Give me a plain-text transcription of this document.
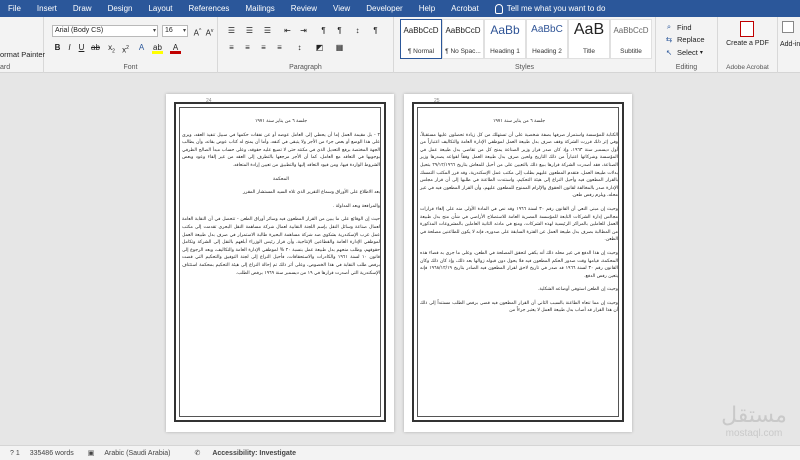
File	Insert	Draw	Design	Layout	References	Mailings	Review	View	Developer	Help	Acrobat	Tell me what you want to do
ormat Painter
ard
Arial (Body CS)	▾	16 ▾ A^ $A^v$
B I	U ab $x_2$ $x^2$	A	ab	A
Font
☰ ☰ ☰ ⇤ ⇥	¶	¶	↕	¶
≡	≡	≡	≡	↕	◩ ▦
Paragraph	Styles
AaBbCcD
¶ Normal
AaBbCcD
¶ No Spac...
AaBb
Heading 1
AaBbC
Heading 2
AaB
Title
AaBbCcD
Subtitle
Editing
⌕ Find
⇆ Replace
↖ Select ▾
Create a PDF
Adobe Acrobat
Add-in
24

جلسة ٦ من يناير سنة ١٩٧١

٢ - بل مقيمة العمل إما أن يحطي إلى العامل عوضه أو عن نفقات حكمها في سبيل تنفيذ العقد، ويرى على هذا الوضع أو بعض جزء من الأجر ولا يتبقى في كنفه، وأما أن يمنح له كتاب عوض بقاته، وأن يطالب الجهة المختصة برفع التعديل الذي في مكنته حتى لا تضيع عليه حقوقه، وعلى حساب مبدأ الصالح الطرفي بوجوبها في التعاقد مع العامل، كما أن الأجر مرجعها بالتطرف إلى العقد من غير إلقاء وعود وبعض الشروط الواردة فيها، ومن قيود التعاقد إليها والتطبيق من تعيين إرادة المتعاقد.

المحكمة

بعد الاطلاع على الأوراق وسماع التقرير الذي تلاه السيد المستشار المقرر

والمرافعة وبعد المداولة .

حيث إن الوقائع على ما يبين من القرار المطعون فيه وسائر أوراق الطعن - تتحصل في أن النقابة العامة لعمال صناعة وسائل النقل بإسم اللجنة النقابية لعمال شركة مساهمة النقل البحري تقدمت إلى مكتب عمل غرب الإسكندرية بشكوى ضد شركة مساهمة البحيرة طالبة الاستمرار في صرف بدل طبيعة العمل لموظفي الإدارة العامة والقطاعين الإنتاجية، وأن قرار رئيس الوزراء أبلغهم بالنقل إلى الشركة وتكامل حقوقهم، وطلب منحهم بدل طبيعة عمل بنسبة ٢٠ % لموظفي الإدارة العامة والتكاليف، وبعد الرجوع إلى قانون ١٠ لسنة ١٩٦١ والكادرات والاستحقاقات، فأحيل النزاع إلى لجنة التوفيق والتحكيم التي قضت برفض طلب النقابة في هذا الخصوص، وعلى أثر ذلك تم إحالة النزاع إلى هيئة التحكيم بمحكمة استئناف الإسكندرية التي أصدرت قرارها في ١٩ من ديسمبر سنة ١٩٦٩ برفض الطلب.

25

جلسة ٦ من يناير سنة ١٩٧١

الكتابة للمؤسسة واستمرار صرفها بصفة شخصية على أن تستهلك من كل زيادة تحصلون عليها مستقبلاً، وفي إثر ذلك قررت الشركة وقف صرف بدل طبيعة العمل لموظفي الإدارة العامة والتكاليف اعتباراً من أول ديسمبر سنة ١٩٦٣، وإذ كان صدر قرار وزير الصناعة يمنح كل من تقاضى بدل طبيعة عمل في المؤسسة وشركاتها اعتباراً من ذلك التاريخ ولحين صرف بدل طبيعة العمل وفقاً لقواعد يصدرها وزير الصناعة، فقد أصدرت الشركة قرارها ببيع ذلك بالتعيين على من أحيل للمعاش بتاريخ ٢٩/١٢/١٩٦٦ بتحيل بدلات طبيعة العمل، فتقدم المطعون عليهم بطلب إلى مكتب عمل الإسكندرية، وقد قرر المكتب التمسك بالقرار المطعون فيه وأحيل النزاع إلى هيئة التحكيم، واستندت الطاعنة في طلبها إلى أن قرار مجلس الإدارة صدر بالمخالفة لقانون الحقوق والإلزام الممنوح للمطعون عليهم، وأن القرار المطعون فيه في غير محله، ويلزم رفض طعن.

وحيث إن مبنى النعي أن القانون رقم ٣٠ لسنة ١٩٦٦ وقد نص في المادة الأولى منه على إلغاء قرارات مجالس إدارة الشركات التابعة للمؤسسة المصرية العامة للاستصلاح الأراضي في شأن منح بدل طبيعة العمل للعاملين بالمراكز الرئيسية لهذه الشركات، ومنع في مادته الثانية العاملين بالمشروعات المذكورة من المطالبة بصرف بدل طبيعة العمل عن الفترة السابقة على صدوره، فإنه لا يكون للطاعنين مصلحة في الطعن.

وحيث إن هذا الدفع في غير محله ذلك أنه يكفي لتحقق المصلحة في الطعن، وعلى ما جرى به قضاء هذه المحكمة، قيامها وقت صدور الحكم المطعون فيه فلا يحول دون قبوله زوالها بعد ذلك، وإذ كان ذلك وكان القانون رقم ٣٠ لسنة ١٩٦٦ قد صدر في تاريخ لاحق لقرار المطعون فيه الصادر بتاريخ ١٩٦٨/١٢/١٩ فإنه يتعين رفض الدفع.

وحيث إن الطعن استوفى أوضاعه الشكلية.

وحيث إن مما تنعاه الطاعنة بالسبب الثاني أن القرار المطعون فيه قضى برفض الطلب مستنداً إلى ذلك أن هذا القرار قد أصاب بدل طبيعة العمل لا يعتبر جزءاً من

مستقل
mostaql.com
? 1 335486 words ▣ Arabic (Saudi Arabia)	✆ Accessibility: Investigate
